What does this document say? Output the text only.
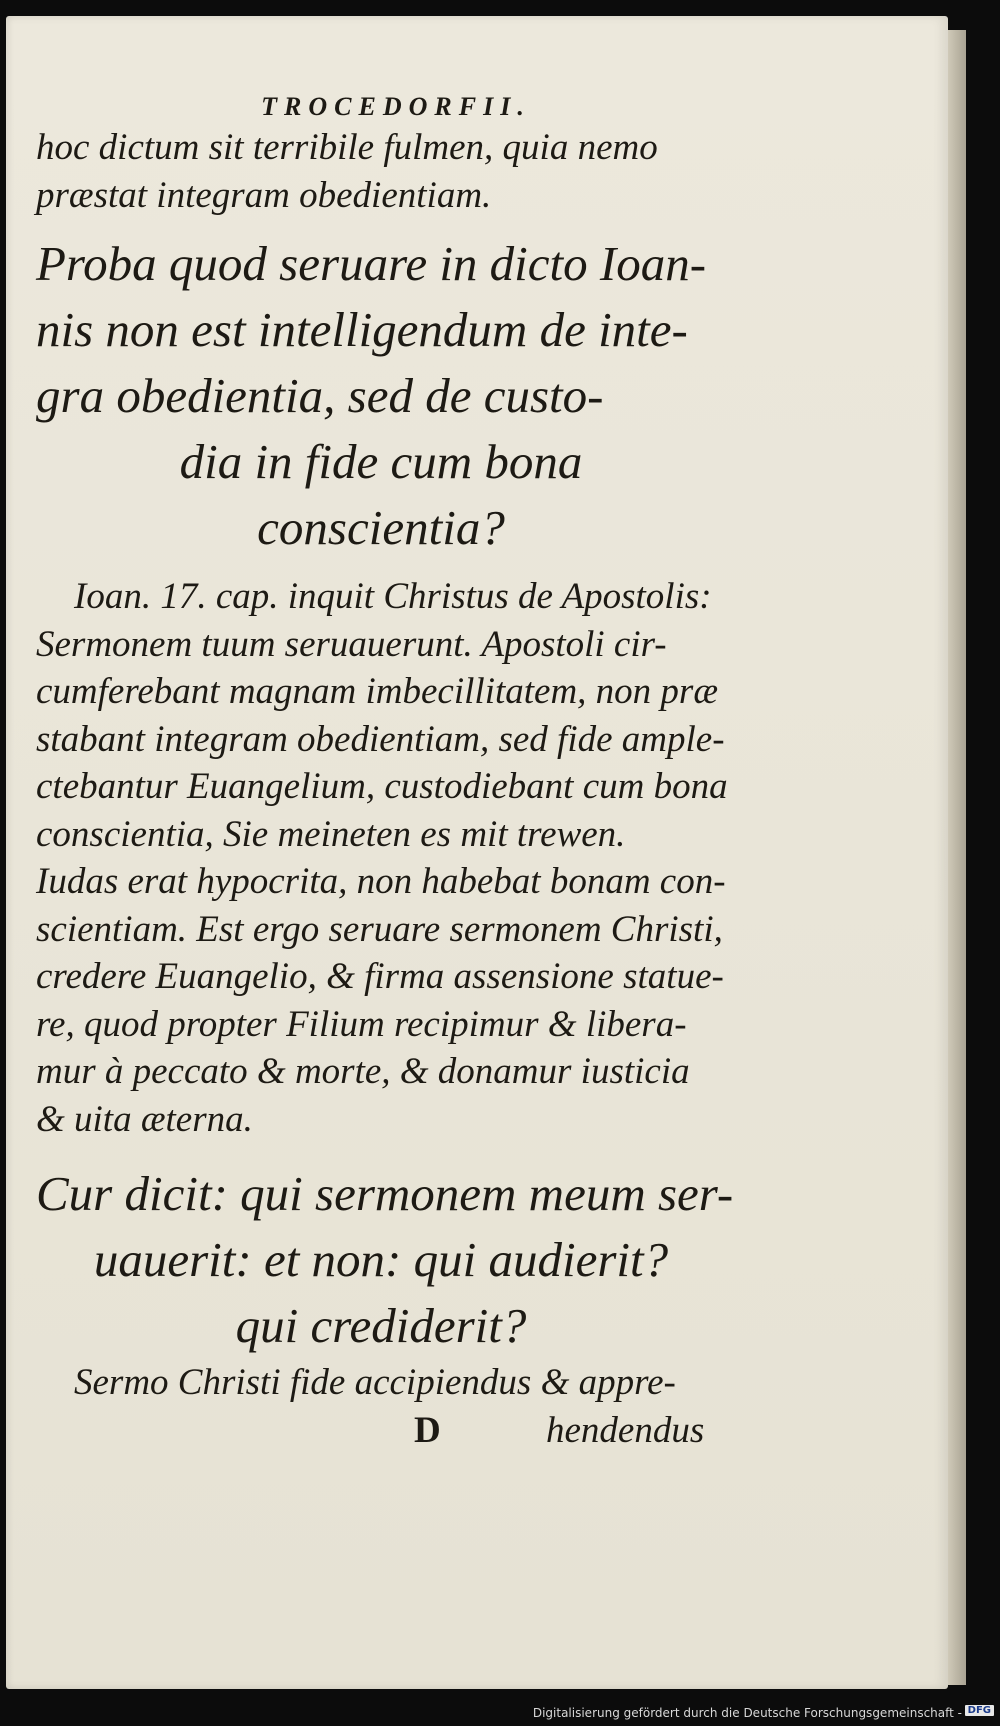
TROCEDORFII.
hoc dictum sit terribile fulmen, quia nemo
præstat integram obedientiam.
Proba quod seruare in dicto Ioan-
nis non est intelligendum de inte-
gra obedientia, sed de custo-
dia in fide cum bona
conscientia?
Ioan. 17. cap. inquit Christus de Apostolis:
Sermonem tuum seruauerunt. Apostoli cir-
cumferebant magnam imbecillitatem, non præ
stabant integram obedientiam, sed fide ample-
ctebantur Euangelium, custodiebant cum bona
conscientia, Sie meineten es mit trewen.
Iudas erat hypocrita, non habebat bonam con-
scientiam. Est ergo seruare sermonem Christi,
credere Euangelio, & firma assensione statue-
re, quod propter Filium recipimur & libera-
mur à peccato & morte, & donamur iusticia
& uita æterna.
Cur dicit: qui sermonem meum ser-
uauerit: et non: qui audierit?
qui crediderit?
Sermo Christi fide accipiendus & appre-
D	hendendus
Digitalisierung gefördert durch die Deutsche Forschungsgemeinschaft - DFG
